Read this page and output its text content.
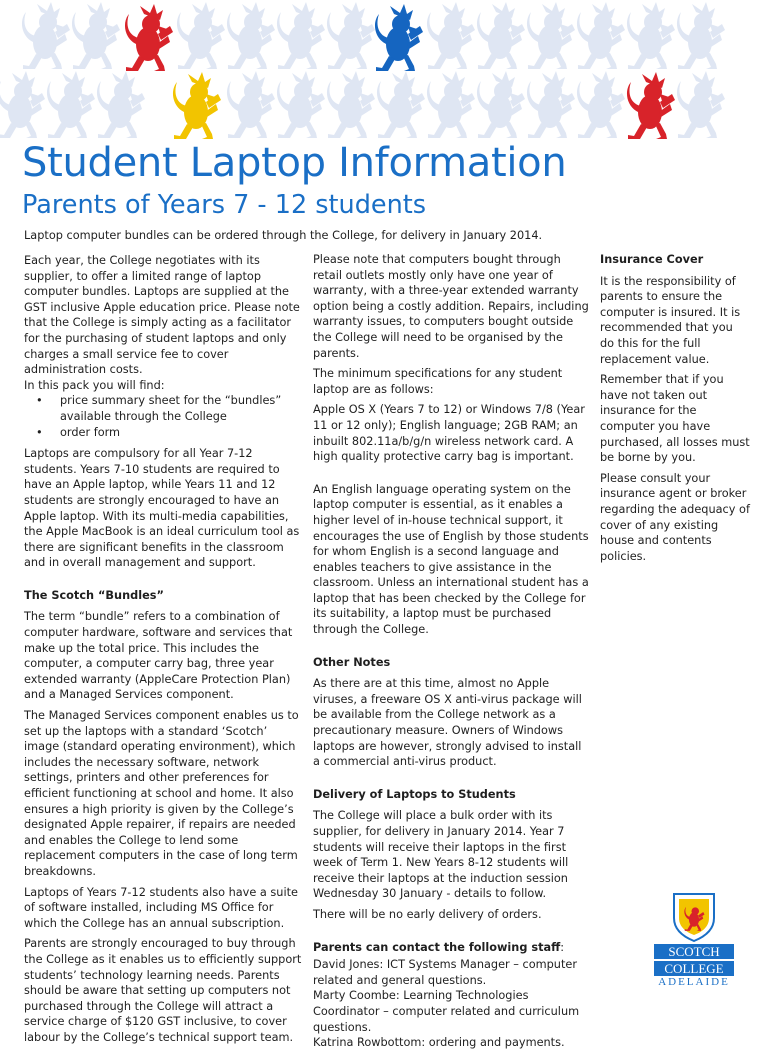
Student Laptop Information
Parents of Years 7 - 12 students

Laptop computer bundles can be ordered through the College, for delivery in January 2014.

Each year, the College negotiates with its supplier, to offer a limited range of laptop computer bundles. Laptops are supplied at the GST inclusive Apple education price. Please note that the College is simply acting as a facilitator for the purchasing of student laptops and only charges a small service fee to cover administration costs.

In this pack you will find:

• price summary sheet for the “bundles” available through the College
• order form

Laptops are compulsory for all Year 7-12 students. Years 7-10 students are required to have an Apple laptop, while Years 11 and 12 students are strongly encouraged to have an Apple laptop. With its multi-media capabilities, the Apple MacBook is an ideal curriculum tool as there are significant benefits in the classroom and in overall management and support.

The Scotch “Bundles”

The term “bundle” refers to a combination of computer hardware, software and services that make up the total price. This includes the computer, a computer carry bag, three year extended warranty (AppleCare Protection Plan) and a Managed Services component.

The Managed Services component enables us to set up the laptops with a standard ‘Scotch’ image (standard operating environment), which includes the necessary software, network settings, printers and other preferences for efficient functioning at school and home. It also ensures a high priority is given by the College’s designated Apple repairer, if repairs are needed and enables the College to lend some replacement computers in the case of long term breakdowns.

Laptops of Years 7-12 students also have a suite of software installed, including MS Office for which the College has an annual subscription.

Parents are strongly encouraged to buy through the College as it enables us to efficiently support students’ technology learning needs. Parents should be aware that setting up computers not purchased through the College will attract a service charge of $120 GST inclusive, to cover labour by the College’s technical support team.

Please note that computers bought through retail outlets mostly only have one year of warranty, with a three-year extended warranty option being a costly addition. Repairs, including warranty issues, to computers bought outside the College will need to be organised by the parents.

The minimum specifications for any student laptop are as follows:

Apple OS X (Years 7 to 12) or Windows 7/8 (Year 11 or 12 only); English language; 2GB RAM; an inbuilt 802.11a/b/g/n wireless network card. A high quality protective carry bag is important.

An English language operating system on the laptop computer is essential, as it enables a higher level of in-house technical support, it encourages the use of English by those students for whom English is a second language and enables teachers to give assistance in the classroom. Unless an international student has a laptop that has been checked by the College for its suitability, a laptop must be purchased through the College.

Other Notes

As there are at this time, almost no Apple viruses, a freeware OS X anti-virus package will be available from the College network as a precautionary measure. Owners of Windows laptops are however, strongly advised to install a commercial anti-virus product.

Delivery of Laptops to Students

The College will place a bulk order with its supplier, for delivery in January 2014. Year 7 students will receive their laptops in the first week of Term 1. New Years 8-12 students will receive their laptops at the induction session Wednesday 30 January - details to follow.

There will be no early delivery of orders.

Parents can contact the following staff:

David Jones: ICT Systems Manager – computer related and general questions.

Marty Coombe: Learning Technologies Coordinator – computer related and curriculum questions.

Katrina Rowbottom: ordering and payments.

Insurance Cover

It is the responsibility of parents to ensure the computer is insured. It is recommended that you do this for the full replacement value.

Remember that if you have not taken out insurance for the computer you have purchased, all losses must be borne by you.

Please consult your insurance agent or broker regarding the adequacy of cover of any existing house and contents policies.

SCOTCH
COLLEGE
ADELAIDE
